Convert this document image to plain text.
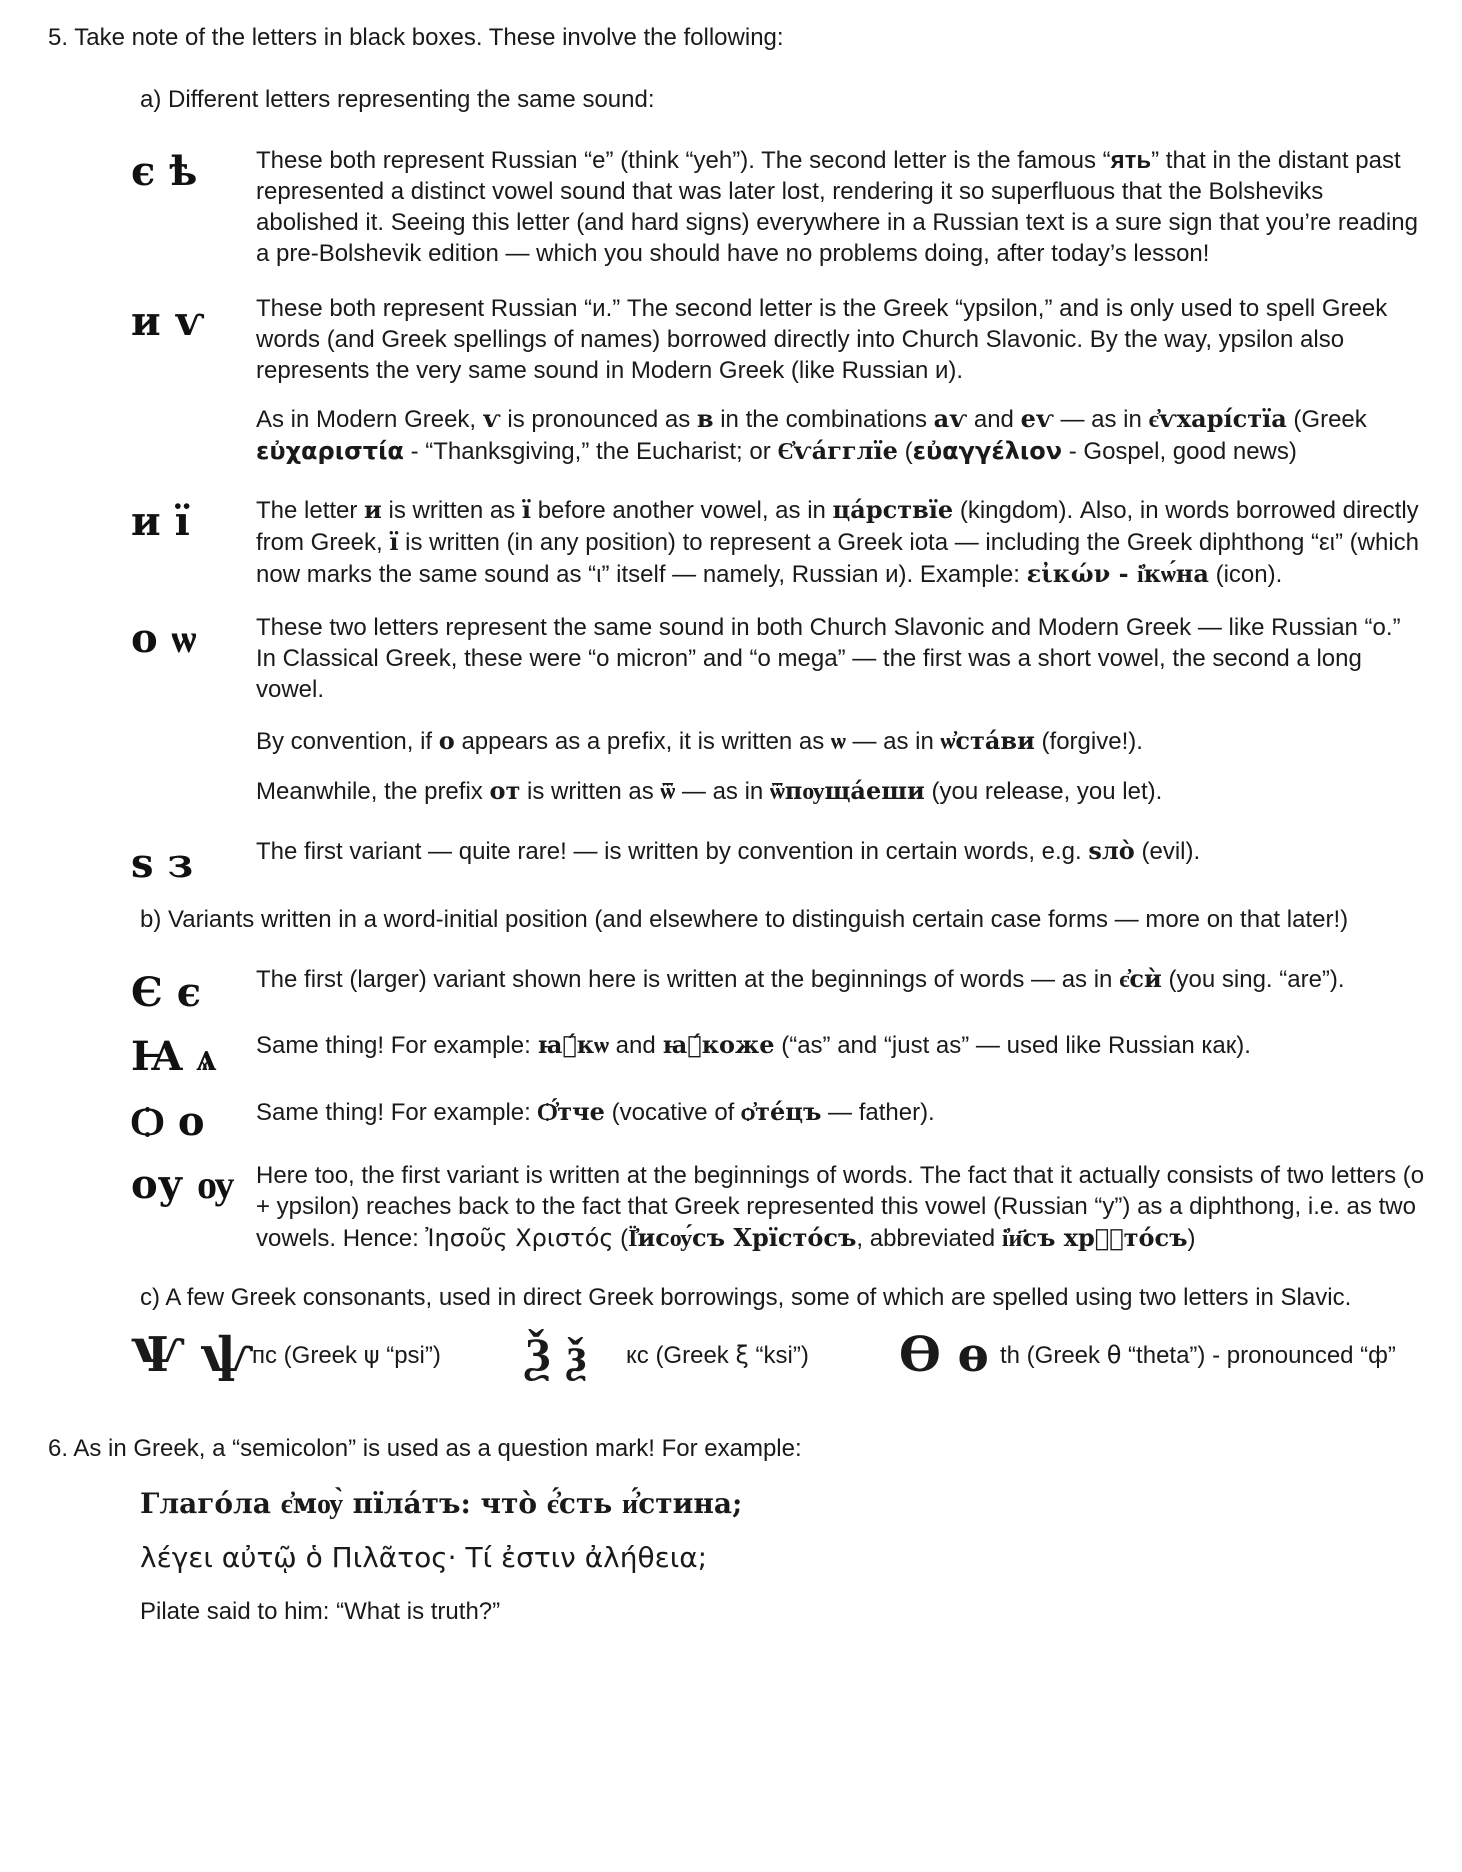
5. Take note of the letters in black boxes. These involve the following:
a) Different letters representing the same sound:
є ѣ These both represent Russian “e” (think “yeh”). The second letter is the famous “ять” that in the distant past represented a distinct vowel sound that was later lost, rendering it so superfluous that the Bolsheviks abolished it. Seeing this letter (and hard signs) everywhere in a Russian text is a sure sign that you’re reading a pre-Bolshevik edition — which you should have no problems doing, after today’s lesson!

и ѵ These both represent Russian “и.” The second letter is the Greek “ypsilon,” and is only used to spell Greek words (and Greek spellings of names) borrowed directly into Church Slavonic. By the way, ypsilon also represents the very same sound in Modern Greek (like Russian и).

As in Modern Greek, ѵ is pronounced as в in the combinations аѵ and еѵ — as in є҆ѵхарі́стїа (Greek εὐχαριστία - “Thanksgiving,” the Eucharist; or Є҆ѵа́гглїе (εὐαγγέλιον - Gospel, good news)

и ї	The letter и is written as ї before another vowel, as in ца́рствїе (kingdom). Also, in words borrowed directly from Greek, ї is written (in any position) to represent a Greek iota — including the Greek diphthong “ει” (which now marks the same sound as “ι” itself — namely, Russian и). Example: εἰκών - і҆кѡ́на (icon).

о ѡ These two letters represent the same sound in both Church Slavonic and Modern Greek — like Russian “o.” In Classical Greek, these were “o micron” and “o mega” — the first was a short vowel, the second a long vowel.

By convention, if о appears as a prefix, it is written as ѡ — as in ѡ҆ста́ви (forgive!).

Meanwhile, the prefix от is written as ѿ — as in ѿпѹща́еши (you release, you let).

ѕ з	The first variant — quite rare! — is written by convention in certain words, e.g. ѕло̀ (evil).

b) Variants written in a word-initial position (and elsewhere to distinguish certain case forms — more on that later!)
Є є The first (larger) variant shown here is written at the beginnings of words — as in є҆сѝ (you sing. “are”).

Ꙗ ѧ Same thing! For example: ꙗ҆́кѡ and ꙗ҆́коже (“as” and “just as” — used like Russian как).

Ѻ о Same thing! For example: Ѻ҆́тче (vocative of ѻ҆те́цъ — father).

оу ѹ Here too, the first variant is written at the beginnings of words. The fact that it actually consists of two letters (o + ypsilon) reaches back to the fact that Greek represented this vowel (Russian “y”) as a diphthong, i.e. as two vowels. Hence: Ἰησοῦς Χριστός (Ї҆исѹ́съ Хрїсто́съ, abbreviated і҆и҃съ хрⷭ҇то́съ)

c) A few Greek consonants, used in direct Greek borrowings, some of which are spelled using two letters in Slavic.
Ѱ ѱ
пс (Greek ψ “psi”) Ѯ ѯ кс (Greek ξ “ksi”) Ѳ ѳ th (Greek θ “theta”) - pronounced “ф”
6. As in Greek, a “semicolon” is used as a question mark! For example:
Глаго́ла є҆мѹ̀ пїла́тъ: что̀ є҆́сть и҆́стина;
λέγει αὐτῷ ὁ Πιλᾶτος· Τί ἐστιν ἀλήθεια;
Pilate said to him: “What is truth?”
